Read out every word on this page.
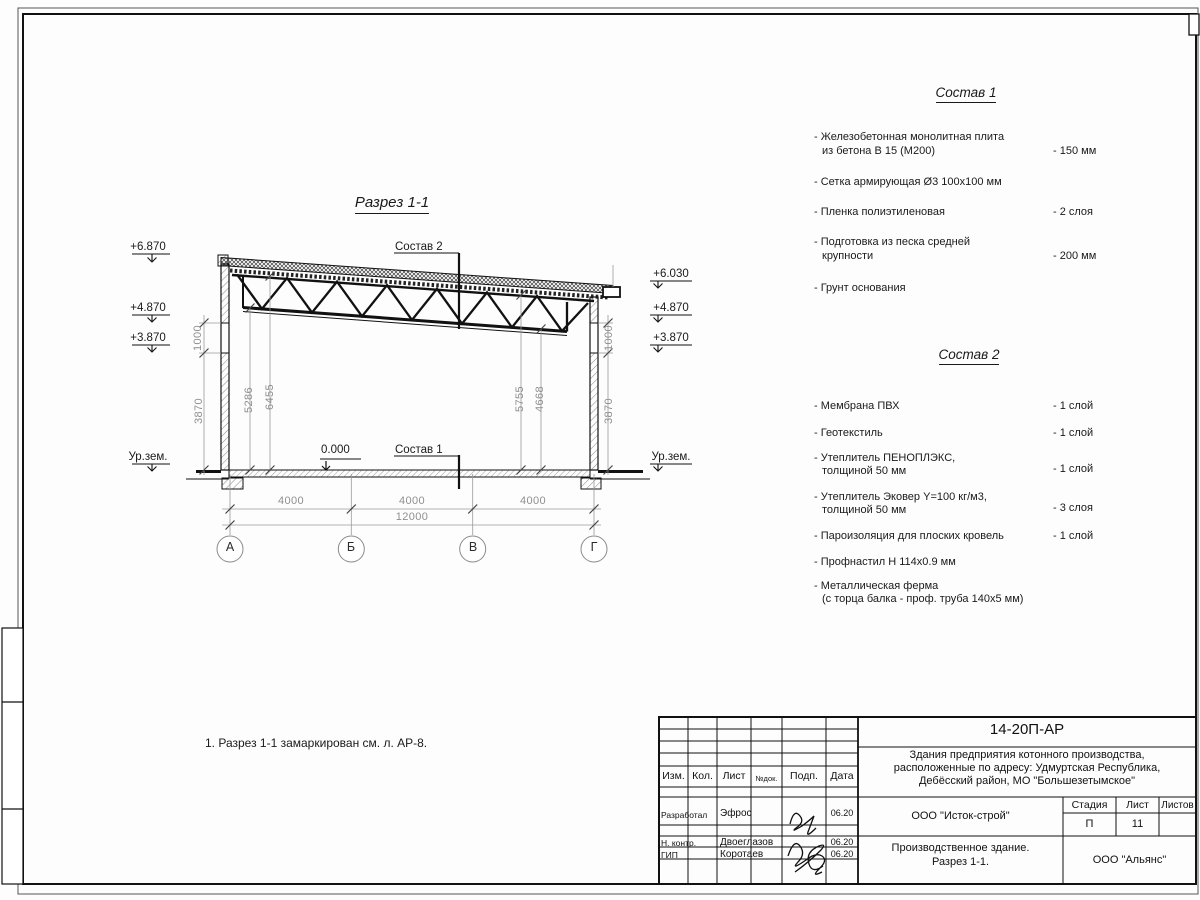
Разрез 1-1
1. Разрез 1-1 замаркирован см. л. АР-8.
Состав 2
Состав 1
0.000
+6.870
+4.870
+3.870
Ур.зем.
+6.030
+4.870
+3.870
Ур.зем.
А	Б	В	Г
4000	4000	4000
12000
1000
3870
1000
3870
5286 6455	5755 4668
Состав 1
- Железобетонная монолитная плита
из бетона В 15 (М200)	- 150 мм
- Сетка армирующая Ø3 100х100 мм
- Пленка полиэтиленовая	- 2 слоя
- Подготовка из песка средней
крупности	- 200 мм
- Грунт основания
Состав 2
- Мембрана ПВХ	- 1 слой
- Геотекстиль	- 1 слой
- Утеплитель ПЕНОПЛЭКС,
толщиной 50 мм	- 1 слой
- Утеплитель Эковер Y=100 кг/м3,
толщиной 50 мм	- 3 слоя
- Пароизоляция для плоских кровель	- 1 слой
- Профнастил Н 114х0.9 мм
- Металлическая ферма
(с торца балка - проф. труба 140х5 мм)
14-20П-АР
Здания предприятия котонного производства,
расположенные по адресу: Удмуртская Республика,
Дебёсский район, МО "Большезетымское"
ООО "Исток-строй"
Производственное здание.
Разрез 1-1.	ООО "Альянс"
Стадия	Лист	Листов
П	11
Изм. Кол. Лист	№док.	Подп.	Дата
Разработал Эфрос	06.20
Н. контр. Двоеглазов	06.20
ГИП	Коротаев	06.20
